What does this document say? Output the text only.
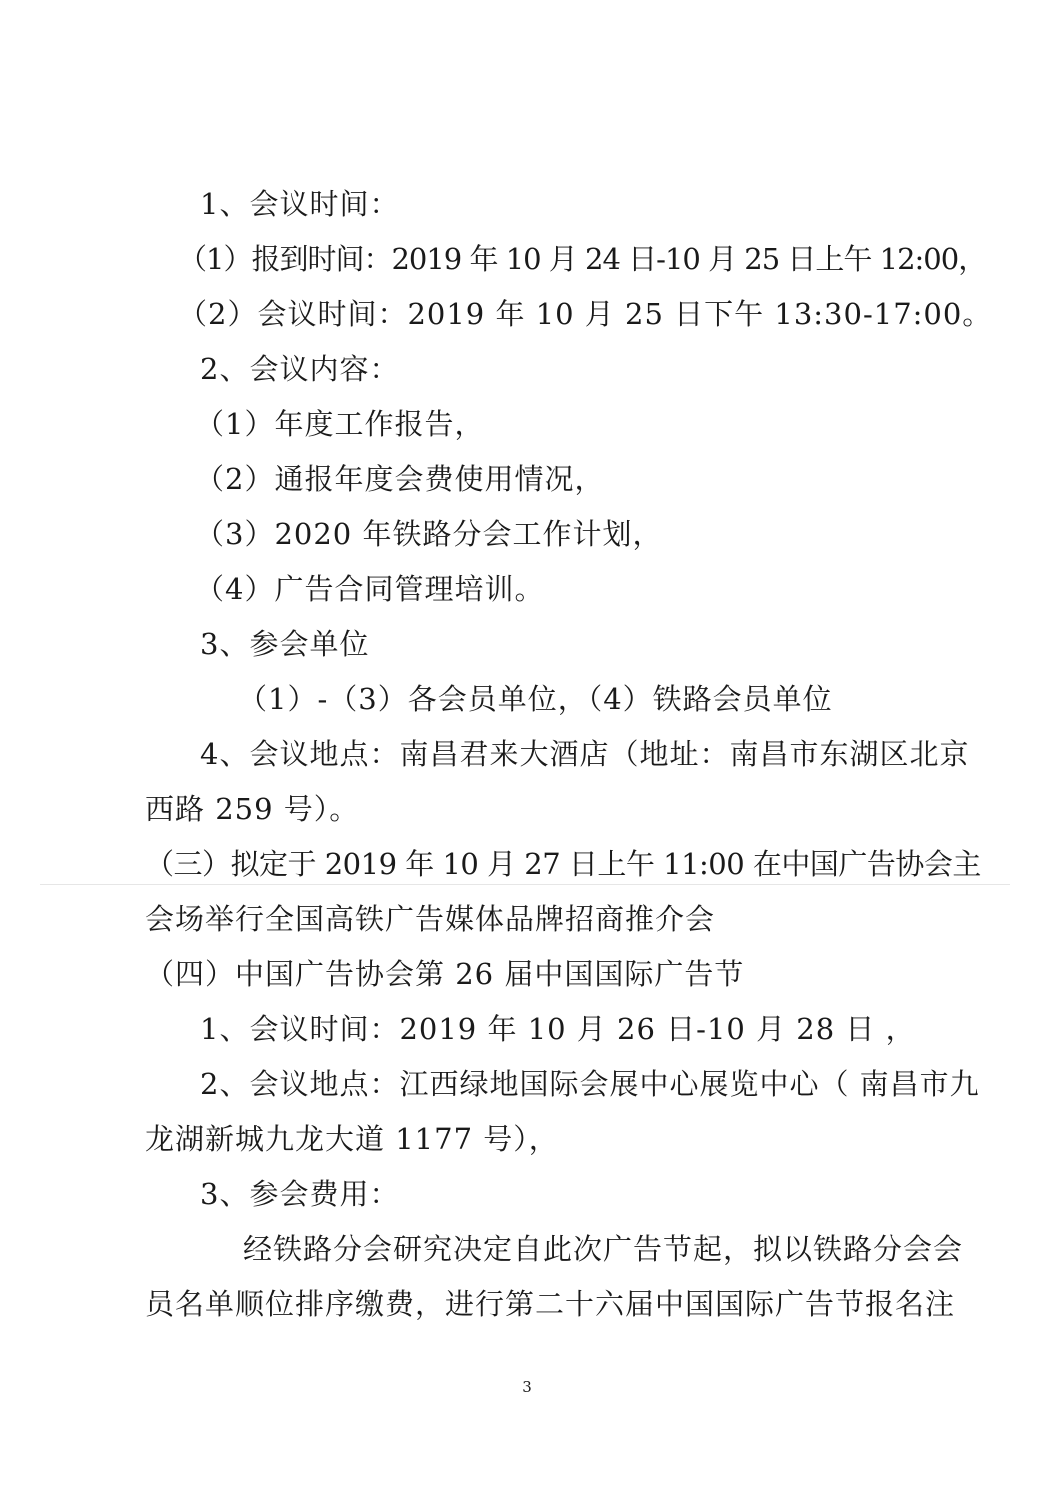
1、会议时间：
（1）报到时间：2019 年 10 月 24 日-10 月 25 日上午 12:00，
（2）会议时间：2019 年 10 月 25 日下午 13:30-17:00。
2、会议内容：
（1）年度工作报告，
（2）通报年度会费使用情况，
（3）2020 年铁路分会工作计划，
（4）广告合同管理培训。
3、参会单位
（1）-（3）各会员单位，（4）铁路会员单位
4、会议地点：南昌君来大酒店（地址：南昌市东湖区北京
西路 259 号）。
（三）拟定于 2019 年 10 月 27 日上午 11:00 在中国广告协会主
会场举行全国高铁广告媒体品牌招商推介会
（四）中国广告协会第 26 届中国国际广告节
1、会议时间：2019 年 10 月 26 日-10 月 28 日 ，
2、会议地点：江西绿地国际会展中心展览中心（ 南昌市九
龙湖新城九龙大道 1177 号），
3、参会费用：
经铁路分会研究决定自此次广告节起，拟以铁路分会会
员名单顺位排序缴费，进行第二十六届中国国际广告节报名注
3
